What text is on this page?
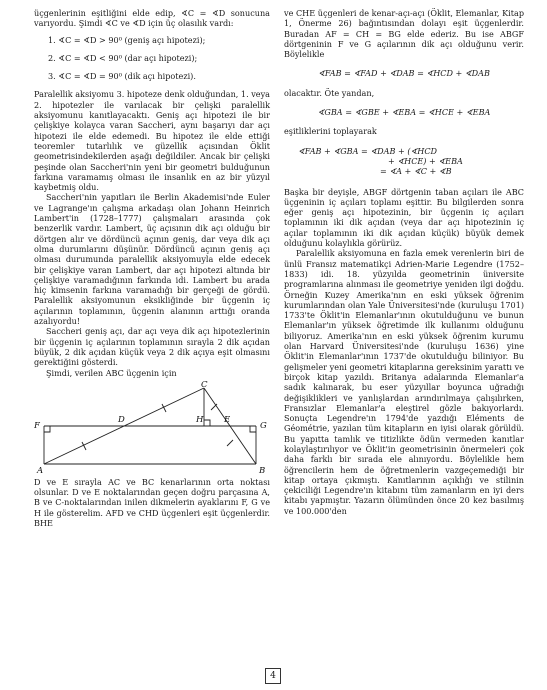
üçgenlerinin eşitliğini elde edip, ∢C = ∢D sonucuna varıyordu. Şimdi ∢C ve ∢D için üç olasılık vardı:

1. ∢C = ∢D > 90⁰ (geniş açı hipotezi);

2. ∢C = ∢D < 90⁰ (dar açı hipotezi);

3. ∢C = ∢D = 90⁰ (dik açı hipotezi).

Paralellik aksiyomu 3. hipoteze denk olduğundan, 1. veya 2. hipotezler ile varılacak bir çelişki paralellik aksiyomunu kanıtlayacaktı. Geniş açı hipotezi ile bir çelişkiye kolayca varan Saccheri, aynı başarıyı dar açı hipotezi ile elde edemedi. Bu hipotez ile elde ettiği teoremler tutarlılık ve güzellik açısından Öklit geometrisindekilerden aşağı değildiler. Ancak bir çelişki peşinde olan Saccheri'nin yeni bir geometri bulduğunun farkına varamamış olması ile insanlık en az bir yüzyıl kaybetmiş oldu.

Saccheri'nin yapıtları ile Berlin Akademisi'nde Euler ve Lagrange'ın çalışma arkadaşı olan Johann Heinrich Lambert'in (1728–1777) çalışmaları arasında çok benzerlik vardır. Lambert, üç açısının dik açı olduğu bir dörtgen alır ve dördüncü açının geniş, dar veya dik açı olma durumlarını düşünür. Dördüncü açının geniş açı olması durumunda paralellik aksiyomuyla elde edecek bir çelişkiye varan Lambert, dar açı hipotezi altında bir çelişkiye varamadığının farkında idi. Lambert bu arada hiç kimsenin farkına varamadığı bir gerçeği de gördü. Paralellik aksiyomunun eksikliğinde bir üçgenin iç açılarının toplamının, üçgenin alanının arttığı oranda azalıyordu!

Saccheri geniş açı, dar açı veya dik açı hipotezlerinin bir üçgenin iç açılarının toplamının sırayla 2 dik açıdan büyük, 2 dik açıdan küçük veya 2 dik açıya eşit olmasını gerektiğini gösterdi.

Şimdi, verilen ABC üçgenin için

F
D	H E
G
A	B
C

D ve E sırayla AC ve BC kenarlarının orta noktası olsunlar. D ve E noktalarından geçen doğru parçasına A, B ve C-noktalarından inilen dikmelerin ayaklarını F, G ve H ile gösterelim. AFD ve CHD üçgenleri eşit üçgenlerdir. BHE

ve CHE üçgenleri de kenar-açı-açı (Öklit, Elemanlar, Kitap 1, Önerme 26) bağıntısından dolayı eşit üçgenlerdir. Buradan AF = CH = BG elde ederiz. Bu ise ABGF dörtgeninin F ve G açılarının dik açı olduğunu verir. Böylelikle

∢FAB = ∢FAD + ∢DAB = ∢HCD + ∢DAB

olacaktır. Öte yandan,

∢GBA = ∢GBE + ∢EBA = ∢HCE + ∢EBA

eşitliklerini toplayarak

∢FAB + ∢GBA = ∢DAB + (∢HCD

+ ∢HCE) + ∢EBA

= ∢A + ∢C + ∢B

Başka bir deyişle, ABGF dörtgenin taban açıları ile ABC üçgeninin iç açıları toplamı eşittir. Bu bilgilerden sonra eğer geniş açı hipotezinin, bir üçgenin iç açıları toplamının iki dik açıdan (veya dar açı hipotezinin iç açılar toplamının iki dik açıdan küçük) büyük demek olduğunu kolaylıkla görürüz.

Paralellik aksiyomuna en fazla emek verenlerin biri de ünlü Fransız matematikçi Adrien-Marie Legendre (1752–1833) idi. 18. yüzyılda geometrinin üniversite programlarına alınması ile geometriye yeniden ilgi doğdu. Örneğin Kuzey Amerika'nın en eski yüksek öğrenim kurumlarından olan Yale Üniversitesi'nde (kuruluşu 1701) 1733'te Öklit'in Elemanlar'ının okutulduğunu ve bunun Elemanlar'ın yüksek öğretimde ilk kullanımı olduğunu biliyoruz. Amerika'nın en eski yüksek öğrenim kurumu olan Harvard Üniversitesi'nde (kuruluşu 1636) yine Öklit'in Elemanlar'ının 1737'de okutulduğu biliniyor. Bu gelişmeler yeni geometri kitaplarına gereksinim yarattı ve birçok kitap yazıldı. Britanya adalarında Elemanlar'a sadık kalınarak, bu eser yüzyıllar boyunca uğradığı değişiklikleri ve yanlışlardan arındırılmaya çalışılırken, Fransızlar Elemanlar'a eleştirel gözle bakıyorlardı. Sonuçta Legendre'ın 1794'de yazdığı Eléments de Géométrie, yazılan tüm kitapların en iyisi olarak görüldü. Bu yapıtta tamlık ve titizlikte ödün vermeden kanıtlar kolaylaştırılıyor ve Öklit'in geometrisinin önermeleri çok daha farklı bir sırada ele alınıyordu. Böylelikle hem öğrencilerin hem de öğretmenlerin vazgeçemediği bir kitap ortaya çıkmıştı. Kanıtlarının açıklığı ve stilinin çekiciliği Legendre'ın kitabını tüm zamanların en iyi ders kitabı yapmıştır. Yazarın ölümünden önce 20 kez basılmış ve 100.000'den

4
